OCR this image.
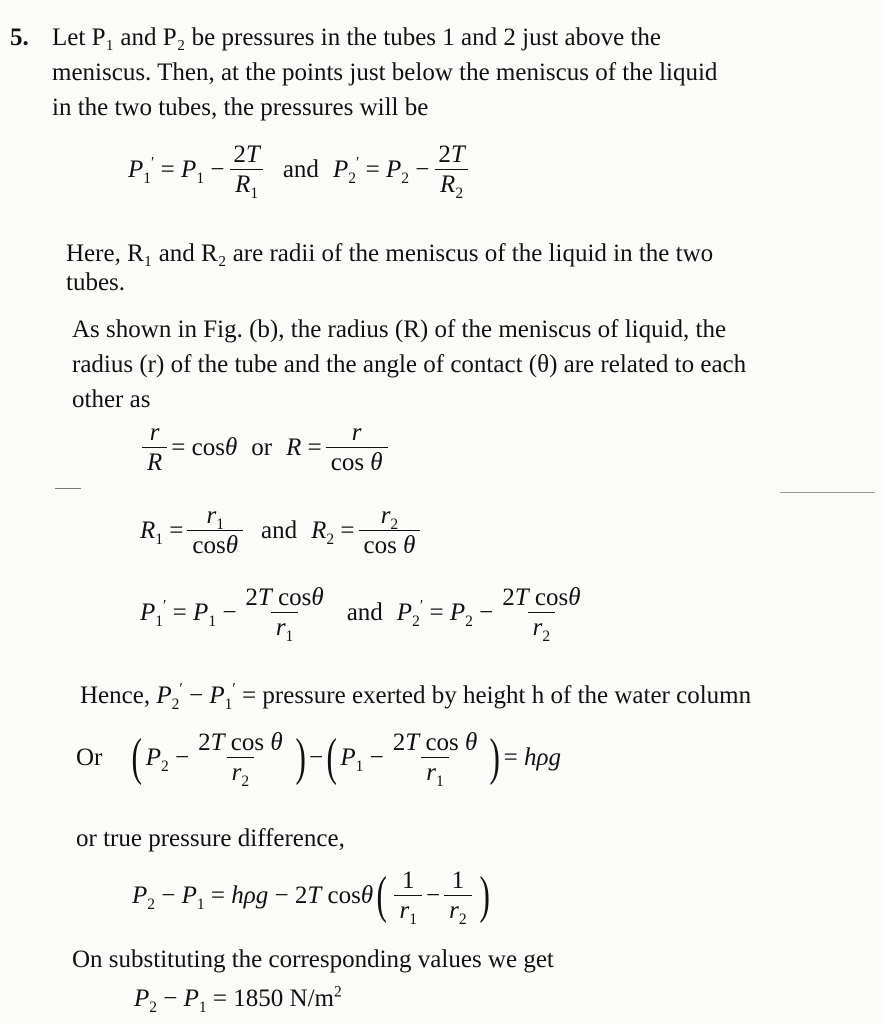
5. Let P₁ and P₂ be pressures in the tubes 1 and 2 just above the
meniscus. Then, at the points just below the meniscus of the liquid
in the two tubes, the pressures will be
$P_1' = P_1 - \frac{2T}{R_1}$ and $P_2' = P_2 - \frac{2T}{R_2}$
Here, R₁ and R₂ are radii of the meniscus of the liquid in the two
tubes.
As shown in Fig. (b), the radius (R) of the meniscus of liquid, the
radius (r) of the tube and the angle of contact (θ) are related to each
other as
$\frac{r}{R} = \cos\theta$ or $R = \frac{r}{\text{cos θ}}$
$R_1 = \frac{r_1}{\cos\theta}$ and $R_2 = \frac{r_2}{\text{cos θ}}$
$P_1' = P_1 - \frac{\text{2T cosθ}}{r_1}$ and $P_2' = P_2 - \frac{\text{2T cosθ}}{r_2}$
Hence, $P_2' - P_1'$ = pressure exerted by height h of the water column
Or ( $P_2 - \frac{\text{2T cos θ}}{r_2}$ ) − ( $P_1 - \frac{\text{2T cos θ}}{r_1}$ ) = hρg
or true pressure difference,
$P_2 - P_1 = h\rho g - 2T$ cosθ ( $\frac{1}{r_1} - \frac{1}{r_2}$ )
On substituting the corresponding values we get
$P_2 - P_1 = 1850$ $N/m^2$
